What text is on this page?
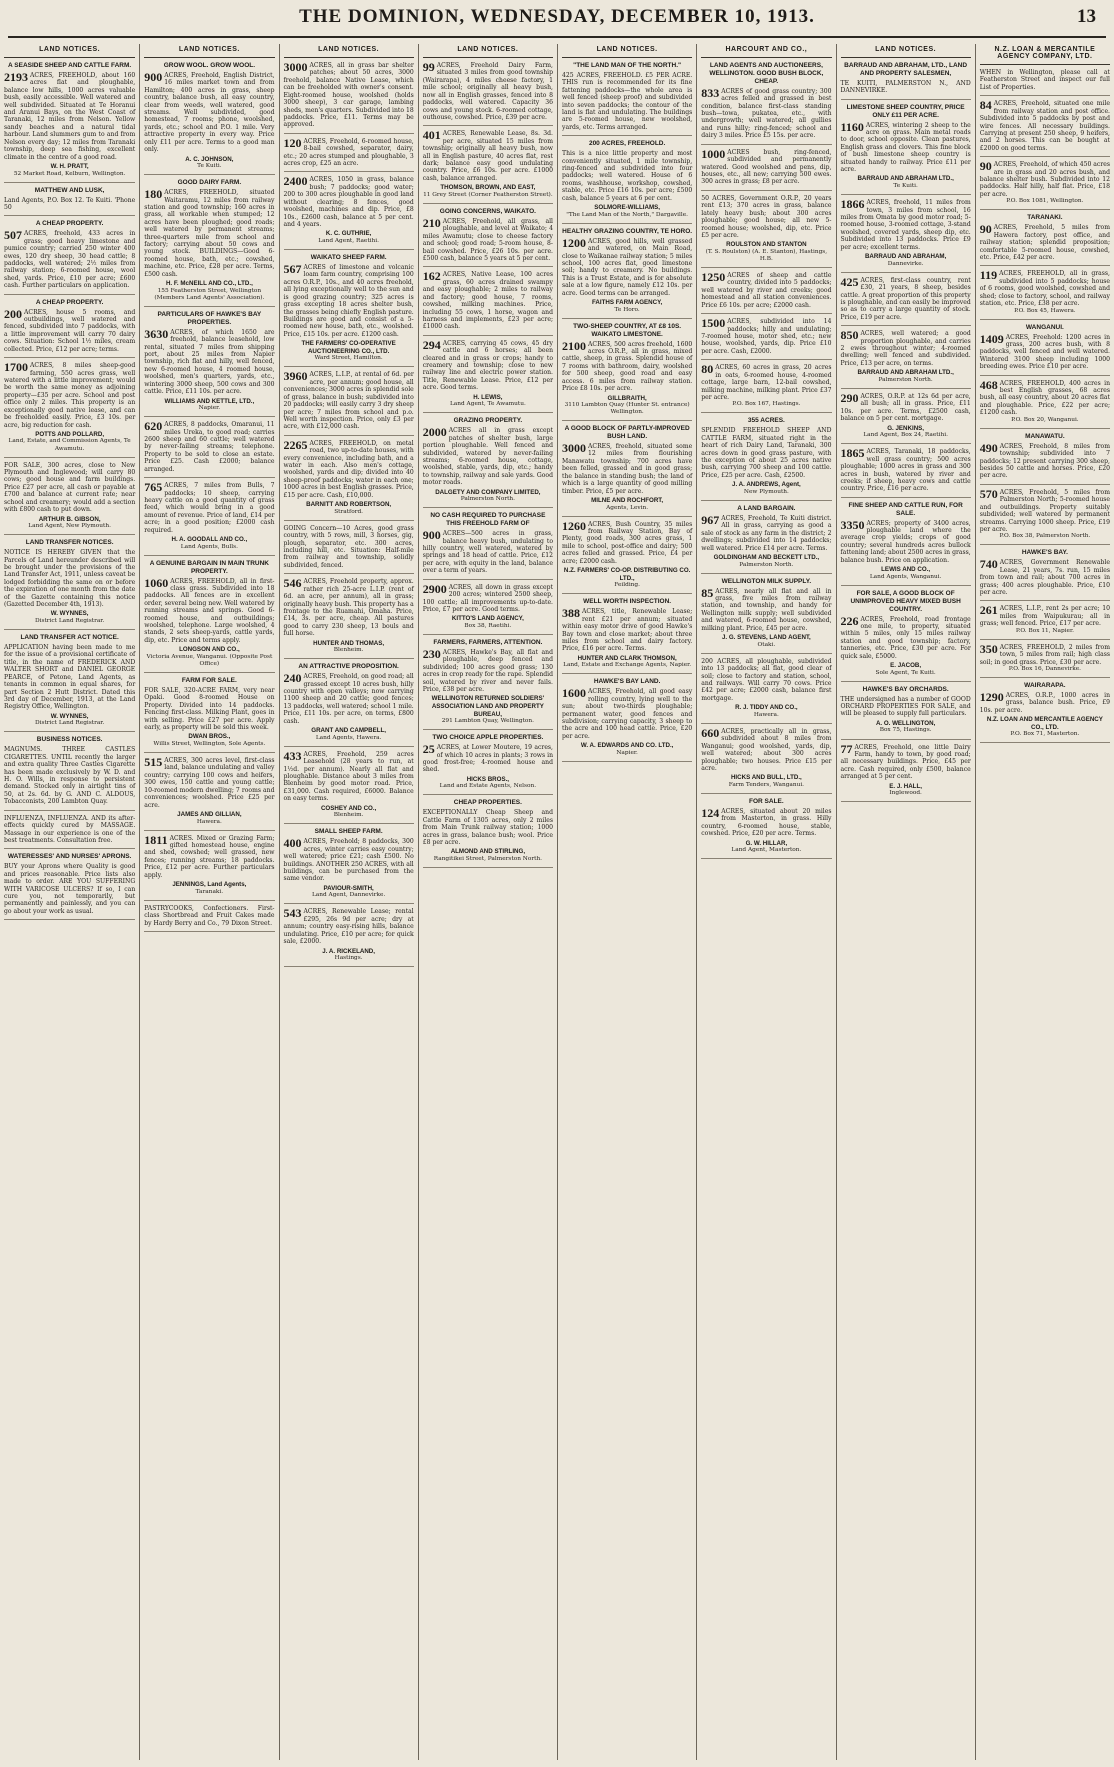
THE DOMINION, WEDNESDAY, DECEMBER 10, 1913.	13
LAND NOTICES.
A SEASIDE SHEEP AND CATTLE FARM.

2193 ACRES, FREEHOLD, about 160 acres flat and ploughable, balance low hills, 1000 acres valuable bush, easily accessible. Well watered and well subdivided. Situated at Te Horanui and Aranui Bays, on the West Coast of Taranaki, 12 miles from Nelson. Yellow sandy beaches and a natural tidal harbour. Land slummers gum to and from Nelson every day; 12 miles from Taranaki township, deep sea fishing, excellent climate in the centre of a good road.

W. H. PRATT,
52 Market Road, Kelburn, Wellington.
MATTHEW AND LUSK,

Land Agents, P.O. Box 12. Te Kuiti. 'Phone 50

A CHEAP PROPERTY.

507 ACRES, freehold, 433 acres in grass; good heavy limestone and pumice country; carried 250 winter 400 ewes, 120 dry sheep, 30 head cattle; 8 paddocks, well watered; 2½ miles from railway station; 6-roomed house, wool shed, yards. Price, £10 per acre; £600 cash. Further particulars on application.

A CHEAP PROPERTY.

200 ACRES, house 5 rooms, and outbuildings, well watered and fenced, subdivided into 7 paddocks, with a little improvement will carry 70 dairy cows. Situation: School 1½ miles, cream collected. Price, £12 per acre; terms.

1700 ACRES, 8 miles sheep-good farming, 550 acres grass, well watered with a little improvement; would be worth the same money as adjoining property—£35 per acre. School and post office only 2 miles. This property is an exceptionally good native lease, and can be freeholded easily. Price, £3 10s. per acre, big reduction for cash.

POTTS AND POLLARD,
Land, Estate, and Commission Agents, Te Awamutu.

FOR SALE, 300 acres, close to New Plymouth and Inglewood; will carry 80 cows; good house and farm buildings. Price £27 per acre, all cash or payable at £700 and balance at current rate; near school and creamery; would add a section with £800 cash to put down.

ARTHUR B. GIBSON,
Land Agent, New Plymouth.
LAND TRANSFER NOTICES.

NOTICE IS HEREBY GIVEN that the Parcels of Land hereunder described will be brought under the provisions of the Land Transfer Act, 1911, unless caveat be lodged forbidding the same on or before the expiration of one month from the date of the Gazette containing this notice (Gazetted December 4th, 1913).

W. WYNNES,
District Land Registrar.
LAND TRANSFER ACT NOTICE.

APPLICATION having been made to me for the issue of a provisional certificate of title, in the name of FREDERICK AND WALTER SHORT and DANIEL GEORGE PEARCE, of Petone, Land Agents, as tenants in common in equal shares, for part Section 2 Hutt District. Dated this 3rd day of December, 1913, at the Land Registry Office, Wellington.

W. WYNNES,
District Land Registrar.
BUSINESS NOTICES.

MAGNUMS. THREE CASTLES CIGARETTES. UNTIL recently the larger and extra quality Three Castles Cigarette has been made exclusively by W. D. and H. O. Wills, in response to persistent demand. Stocked only in airtight tins of 50, at 2s. 6d. by G. AND C. ALDOUS, Tobacconists, 200 Lambton Quay.

INFLUENZA, INFLUENZA. AND its after-effects quickly cured by MASSAGE. Massage in our experience is one of the best treatments. Consultation free.

WATERESSES' AND NURSES' APRONS.

BUY your Aprons where Quality is good and prices reasonable. Price lists also made to order. ARE YOU SUFFERING WITH VARICOSE ULCERS? If so, I can cure you, not temporarily, but permanently and painlessly, and you can go about your work as usual.

LAND NOTICES.
GROW WOOL. GROW WOOL.

900 ACRES, Freehold, English District, 16 miles market town and from Hamilton; 400 acres in grass, sheep country, balance bush, all easy country, clear from weeds, well watered, good streams. Well subdivided, good homestead, 7 rooms; phone, woolshed, yards, etc.; school and P.O. 1 mile. Very attractive property in every way. Price only £11 per acre. Terms to a good man only.

A. C. JOHNSON,
Te Kuiti.
GOOD DAIRY FARM.

180 ACRES, FREEHOLD, situated Waitaramu, 12 miles from railway station and good township; 160 acres in grass, all workable when stumped; 12 acres have been ploughed; good roads; well watered by permanent streams; three-quarters mile from school and factory; carrying about 50 cows and young stock. BUILDINGS—Good 6-roomed house, bath, etc.; cowshed, machine, etc. Price, £28 per acre. Terms, £500 cash.

H. F. McNEILL AND CO., LTD.,
155 Featherston Street, Wellington (Members Land Agents' Association).
PARTICULARS OF HAWKE'S BAY PROPERTIES.

3630 ACRES, of which 1650 are freehold, balance leasehold, low rental, situated 7 miles from shipping port, about 25 miles from Napier township, rich flat and hilly, well fenced, new 6-roomed house, 4 roomed house, woolshed, men's quarters, yards, etc., wintering 3000 sheep, 500 cows and 300 cattle. Price, £11 10s. per acre.

WILLIAMS AND KETTLE, LTD.,
Napier.

620 ACRES, 8 paddocks, Omaranui, 11 miles Ureka, to good road; carries 2600 sheep and 60 cattle; well watered by never-failing streams; telephone. Property to be sold to close an estate. Price £25. Cash £2000; balance arranged.

765 ACRES, 7 miles from Bulls, 7 paddocks; 10 sheep, carrying heavy cattle on a good quantity of grass feed, which would bring in a good amount of revenue. Price of land, £14 per acre; in a good position; £2000 cash required.

H. A. GOODALL AND CO.,
Land Agents, Bulls.
A GENUINE BARGAIN IN MAIN TRUNK PROPERTY.

1060 ACRES, FREEHOLD, all in first-class grass. Subdivided into 18 paddocks. All fences are in excellent order, several being new. Well watered by running streams and springs. Good 6-roomed house, and outbuildings; woolshed, telephone. Large woolshed, 4 stands, 2 sets sheep-yards, cattle yards, dip, etc. Price and terms apply.

LONGSON AND CO.,
Victoria Avenue, Wanganui. (Opposite Post Office)
FARM FOR SALE.

FOR SALE, 320-ACRE FARM, very near Opaki. Good 8-roomed House on Property. Divided into 14 paddocks. Fencing first-class. Milking Plant, goes in with selling. Price £27 per acre. Apply early, as property will be sold this week.

DWAN BROS.,
Willis Street, Wellington, Sole Agents.

515 ACRES, 300 acres level, first-class land, balance undulating and valley country; carrying 100 cows and heifers, 300 ewes, 150 cattle and young cattle; 10-roomed modern dwelling; 7 rooms and conveniences; woolshed. Price £25 per acre.

JAMES AND GILLIAN,
Hawera.

1811 ACRES. Mixed or Grazing Farm; gifted homestead house, engine and shed, cowshed; well grassed, new fences; running streams; 18 paddocks. Price, £12 per acre. Further particulars apply.

JENNINGS, Land Agents,
Taranaki.

PASTRYCOOKS, Confectioners. First-class Shortbread and Fruit Cakes made by Hardy Berry and Co., 79 Dixon Street.

LAND NOTICES.

3000 ACRES, all in grass bar shelter patches; about 50 acres, 3000 freehold, balance Native Lease, which can be freeholded with owner's consent. Eight-roomed house, woolshed (holds 3000 sheep), 3 car garage, lambing sheds, men's quarters. Subdivided into 18 paddocks. Price, £11. Terms may be approved.

120 ACRES, Freehold, 6-roomed house, 8-bail cowshed, separator, dairy, etc.; 20 acres stumped and ploughable, 3 acres crop, £25 an acre.

2400 ACRES, 1050 in grass, balance bush; 7 paddocks; good water; 200 to 300 acres ploughable in good land without clearing; 8 fences, good woolshed, machines and dip. Price, £8 10s., £2600 cash, balance at 5 per cent. and 4 years.

K. C. GUTHRIE,
Land Agent, Raetihi.
WAIKATO SHEEP FARM.

567 ACRES of limestone and volcanic loam farm country, comprising 100 acres O.R.P., 10s., and 40 acres freehold, all lying exceptionally well to the sun and is good grazing country; 325 acres is grass excepting 18 acres shelter bush, the grasses being chiefly English pasture. Buildings are good and consist of a 5-roomed new house, bath, etc., woolshed. Price, £15 10s. per acre. £1200 cash.

THE FARMERS' CO-OPERATIVE AUCTIONEERING CO., LTD.
Ward Street, Hamilton.

3960 ACRES, L.I.P., at rental of 6d. per acre, per annum; good house, all conveniences; 3000 acres in splendid sole of grass, balance in bush; subdivided into 20 paddocks; will easily carry 3 dry sheep per acre; 7 miles from school and p.o. Well worth inspection. Price, only £3 per acre, with £12,000 cash.

2265 ACRES, FREEHOLD, on metal road, two up-to-date houses, with every convenience, including bath, and a water in each. Also men's cottage, woolshed, yards and dip; divided into 40 sheep-proof paddocks; water in each one; 1000 acres in best English grasses. Price, £15 per acre. Cash, £10,000.

BARNITT AND ROBERTSON,
Stratford.

GOING Concern—10 Acres, good grass country, with 5 rows, mill, 3 horses, gig, plough, separator, etc. 300 acres, including hill, etc. Situation: Half-mile from railway and township, solidly subdivided, fenced.

546 ACRES, Freehold property, approx. rather rich 25-acre L.I.P. (rent of 6d. an acre, per annum), all in grass; originally heavy bush. This property has a frontage to the Ruamahi, Omaha. Price, £14, 3s. per acre, cheap. All pastures good to carry 230 sheep, 13 bouls and full horse.

HUNTER AND THOMAS,
Blenheim.
AN ATTRACTIVE PROPOSITION.

240 ACRES, Freehold, on good road; all grassed except 10 acres bush, hilly country with open valleys; now carrying 1100 sheep and 20 cattle; good fences; 13 paddocks, well watered; school 1 mile. Price, £11 10s. per acre, on terms, £800 cash.

GRANT AND CAMPBELL,
Land Agents, Hawera.

433 ACRES, Freehold, 259 acres Leasehold (28 years to run, at 1½d. per annum). Nearly all flat and ploughable. Distance about 3 miles from Blenheim by good motor road. Price, £31,000. Cash required, £6000. Balance on easy terms.

COSHEY AND CO.,
Blenheim.
SMALL SHEEP FARM.

400 ACRES, Freehold; 8 paddocks, 300 acres, winter carries easy country; well watered; price £21; cash £500. No buildings. ANOTHER 250 ACRES, with all buildings, can be purchased from the same vendor.

PAVIOUR-SMITH,
Land Agent, Dannevirke.

543 ACRES, Renewable Lease; rental £295, 26s 9d per acre; dry at annum; country easy-rising hills, balance undulating. Price, £10 per acre; for quick sale, £2000.

J. A. RICKELAND,
Hastings.
LAND NOTICES.

99 ACRES, Freehold Dairy Farm, situated 3 miles from good township (Wairarapa), 4 miles cheese factory, 1 mile school; originally all heavy bush, now all in English grasses, fenced into 8 paddocks, well watered. Capacity 36 cows and young stock. 6-roomed cottage, outhouse, cowshed. Price, £39 per acre.

401 ACRES, Renewable Lease, 8s. 3d. per acre, situated 15 miles from township; originally all heavy bush, now all in English pasture, 40 acres flat, rest dark; balance easy good undulating country. Price, £6 10s. per acre. £1000 cash, balance arranged.

THOMSON, BROWN, AND EAST,
11 Grey Street (Corner Featherston Street).
GOING CONCERNS, WAIKATO.

210 ACRES, Freehold, all grass, all ploughable, and level at Waikato; 4 miles Awamutu; close to cheese factory and school; good road; 5-room house, 8-bail cowshed. Price, £26 10s. per acre. £500 cash, balance 5 years at 5 per cent.

162 ACRES, Native Lease, 100 acres grass, 60 acres drained swampy and easy ploughable; 2 miles to railway and factory; good house, 7 rooms, cowshed, milking machines. Price, including 55 cows, 1 horse, wagon and harness and implements, £23 per acre; £1000 cash.

294 ACRES, carrying 45 cows, 45 dry cattle and 6 horses; all been cleared and in grass or crops; handy to creamery and township; close to new railway line and electric power station. Title, Renewable Lease. Price, £12 per acre. Good terms.

H. LEWIS,
Land Agent, Te Awamutu.
GRAZING PROPERTY.

2000 ACRES all in grass except patches of shelter bush, large portion ploughable. Well fenced and subdivided, watered by never-failing streams; 6-roomed house, cottage, woolshed, stable, yards, dip, etc.; handy to township, railway and sale yards. Good motor roads.

DALGETY AND COMPANY LIMITED,
Palmerston North.
NO CASH REQUIRED TO PURCHASE THIS FREEHOLD FARM OF

900 ACRES—500 acres in grass, balance heavy bush, undulating to hilly country, well watered, watered by springs and 18 head of cattle. Price, £12 per acre, with equity in the land, balance over a term of years.

2900 ACRES, all down in grass except 200 acres; wintered 2500 sheep, 100 cattle; all improvements up-to-date. Price, £7 per acre. Good terms.

KITTO'S LAND AGENCY,
Box 38, Raetihi.
FARMERS, FARMERS, ATTENTION.

230 ACRES, Hawke's Bay, all flat and ploughable, deep fenced and subdivided; 100 acres good grass; 130 acres in crop ready for the rape. Splendid soil, watered by river and never fails. Price, £38 per acre.

WELLINGTON RETURNED SOLDIERS' ASSOCIATION LAND AND PROPERTY BUREAU,
291 Lambton Quay, Wellington.
TWO CHOICE APPLE PROPERTIES.

25 ACRES, at Lower Moutere, 19 acres, of which 10 acres in plants; 3 rows in good frost-free; 4-roomed house and shed.

HICKS BROS.,
Land and Estate Agents, Nelson.
CHEAP PROPERTIES.

EXCEPTIONALLY Cheap Sheep and Cattle Farm of 1305 acres, only 2 miles from Main Trunk railway station; 1000 acres in grass, balance bush; wool. Price £8 per acre.

ALMOND AND STIRLING,
Rangitikei Street, Palmerston North.
LAND NOTICES.
"THE LAND MAN OF THE NORTH."

425 ACRES, FREEHOLD. £5 PER ACRE. THIS run is recommended for its fine fattening paddocks—the whole area is well fenced (sheep proof) and subdivided into seven paddocks; the contour of the land is flat and undulating. The buildings are 5-roomed house, new woolshed, yards, etc. Terms arranged.

200 ACRES, FREEHOLD.

This is a nice little property and most conveniently situated, 1 mile township, ring-fenced and subdivided into four paddocks; well watered. House of 6 rooms, washhouse, workshop, cowshed, stable, etc. Price £16 10s. per acre; £500 cash, balance 5 years at 6 per cent.

SOLMORE-WILLIAMS,
"The Land Man of the North," Dargaville.
HEALTHY GRAZING COUNTRY, TE HORO.

1200 ACRES, good hills, well grassed and watered, on Main Road, close to Waikanae railway station; 5 miles school, 100 acres flat, good limestone soil; handy to creamery. No buildings. This is a Trust Estate, and is for absolute sale at a low figure, namely £12 10s. per acre. Good terms can be arranged.

FAITHS FARM AGENCY,
Te Horo.
TWO-SHEEP COUNTRY, AT £8 10S. WAIKATO LIMESTONE.

2100 ACRES, 500 acres freehold, 1600 acres O.R.P., all in grass, mixed cattle, sheep, in grass. Splendid house of 7 rooms with bathroom, dairy, woolshed for 500 sheep, good road and easy access. 6 miles from railway station. Price £8 10s. per acre.

GILLBRAITH,
3110 Lambton Quay (Hunter St. entrance) Wellington.
A GOOD BLOCK OF PARTLY-IMPROVED BUSH LAND.

3000 ACRES, freehold, situated some 12 miles from flourishing Manawatu township; 700 acres have been felled, grassed and in good grass; the balance in standing bush; the land of which is a large quantity of good milling timber. Price, £5 per acre.

MILNE AND ROCHFORT,
Agents, Levin.

1260 ACRES, Bush Country, 35 miles from Railway Station, Bay of Plenty, good roads, 300 acres grass, 1 mile to school, post-office and dairy; 500 acres felled and grassed. Price, £4 per acre; £2000 cash.

N.Z. FARMERS' CO-OP. DISTRIBUTING CO. LTD.,
Feilding.
WELL WORTH INSPECTION.

388 ACRES, title, Renewable Lease; rent £21 per annum; situated within easy motor drive of good Hawke's Bay town and close market; about three miles from school and dairy factory. Price, £16 per acre. Terms.

HUNTER AND CLARK THOMSON,
Land, Estate and Exchange Agents, Napier.
HAWKE'S BAY LAND.

1600 ACRES, Freehold, all good easy rolling country, lying well to the sun; about two-thirds ploughable; permanent water, good fences and subdivision; carrying capacity, 3 sheep to the acre and 100 head cattle. Price, £20 per acre.

W. A. EDWARDS AND CO. LTD.,
Napier.
HARCOURT AND CO.,
LAND AGENTS AND AUCTIONEERS, WELLINGTON. GOOD BUSH BLOCK, CHEAP.

833 ACRES of good grass country; 300 acres felled and grassed in best condition, balance first-class standing bush—towa, pukatea, etc., with undergrowth; well watered; all gullies and runs hilly; ring-fenced; school and dairy 3 miles. Price £5 15s. per acre.

1000 ACRES bush, ring-fenced, subdivided and permanently watered. Good woolshed and pens, dip, houses, etc., all new; carrying 500 ewes. 300 acres in grass; £8 per acre.

50 ACRES, Government O.R.P., 20 years rent £13; 370 acres in grass, balance lately heavy bush; about 300 acres ploughable; good house; all new 5-roomed house; woolshed, dip, etc. Price £5 per acre.

ROULSTON AND STANTON
(T. S. Roulston) (A. E. Stanton), Hastings, H.B.

1250 ACRES of sheep and cattle country, divided into 5 paddocks; well watered by river and creeks; good homestead and all station conveniences. Price £6 10s. per acre; £2000 cash.

1500 ACRES, subdivided into 14 paddocks; hilly and undulating; 7-roomed house, motor shed, etc.; new house, woolshed, yards, dip. Price £10 per acre. Cash, £2000.

80 ACRES, 60 acres in grass, 20 acres in oats, 6-roomed house, 4-roomed cottage, large barn, 12-bail cowshed, milking machine, milking plant. Price £37 per acre.

P.O. Box 167, Hastings.
355 ACRES.

SPLENDID FREEHOLD SHEEP AND CATTLE FARM, situated right in the heart of rich Dairy Land, Taranaki, 300 acres down in good grass pasture, with the exception of about 25 acres native bush, carrying 700 sheep and 100 cattle. Price, £25 per acre. Cash, £2500.

J. A. ANDREWS, Agent,
New Plymouth.
A LAND BARGAIN.

967 ACRES, Freehold, Te Kuiti district. All in grass, carrying as good a sale of stock as any farm in the district; 2 dwellings; subdivided into 14 paddocks; well watered. Price £14 per acre. Terms.

GOLDINGHAM AND BECKETT LTD.,
Palmerston North.
WELLINGTON MILK SUPPLY.

85 ACRES, nearly all flat and all in grass, five miles from railway station, and township, and handy for Wellington milk supply; well subdivided and watered, 6-roomed house, cowshed, milking plant. Price, £45 per acre.

J. G. STEVENS, LAND AGENT,
Otaki.

200 ACRES, all ploughable, subdivided into 13 paddocks; all flat, good clear of soil; close to factory and station, school, and railways. Will carry 70 cows. Price £42 per acre; £2000 cash, balance first mortgage.

R. J. TIDDY AND CO.,
Hawera.

660 ACRES, practically all in grass, subdivided about 8 miles from Wanganui; good woolshed, yards, dip, well watered; about 300 acres ploughable; two houses. Price £15 per acre.

HICKS AND BULL, LTD.,
Farm Tenders, Wanganui.
FOR SALE.

124 ACRES, situated about 20 miles from Masterton, in grass. Hilly country, 6-roomed house, stable, cowshed. Price, £20 per acre. Terms.

G. W. HILLAR,
Land Agent, Masterton.
LAND NOTICES.
BARRAUD AND ABRAHAM, LTD., LAND AND PROPERTY SALESMEN,

TE KUITI, PALMERSTON N., AND DANNEVIRKE.

LIMESTONE SHEEP COUNTRY, PRICE ONLY £11 PER ACRE.

1160 ACRES, wintering 2 sheep to the acre on grass. Main metal roads to door, school opposite. Clean pastures, English grass and clovers. This fine block of bush limestone sheep country is situated handy to railway. Price £11 per acre.

BARRAUD AND ABRAHAM LTD.,
Te Kuiti.

1866 ACRES, freehold, 11 miles from town, 3 miles from school, 16 miles from Omata by good motor road; 5-roomed house, 3-roomed cottage, 3-stand woolshed, covered yards, sheep dip, etc. Subdivided into 13 paddocks. Price £9 per acre; excellent terms.

BARRAUD AND ABRAHAM,
Dannevirke.

425 ACRES, first-class country, rent £30, 21 years, 8 sheep, besides cattle. A great proportion of this property is ploughable, and can easily be improved so as to carry a large quantity of stock. Price, £19 per acre.

850 ACRES, well watered; a good proportion ploughable, and carries 2 ewes throughout winter; 4-roomed dwelling; well fenced and subdivided. Price, £13 per acre, on terms.

BARRAUD AND ABRAHAM LTD.,
Palmerston North.

290 ACRES, O.R.P. at 12s 6d per acre, all bush; all in grass. Price, £11 10s. per acre. Terms, £2500 cash, balance on 5 per cent. mortgage.

G. JENKINS,
Land Agent, Box 24, Raetihi.

1865 ACRES, Taranaki, 18 paddocks, well grass country; 500 acres ploughable; 1000 acres in grass and 300 acres in bush, watered by river and creeks; if sheep, heavy cows and cattle country. Price, £16 per acre.

FINE SHEEP AND CATTLE RUN, FOR SALE.

3350 ACRES; property of 3400 acres, ploughable land where the average crop yields; crops of good country; several hundreds acres bullock fattening land; about 2500 acres in grass, balance bush. Price on application.

LEWIS AND CO.,
Land Agents, Wanganui.
FOR SALE, A GOOD BLOCK OF UNIMPROVED HEAVY MIXED BUSH COUNTRY.

226 ACRES, Freehold, road frontage one mile, to property, situated within 5 miles, only 15 miles railway station and good township; factory, tanneries, etc. Price, £30 per acre. For quick sale, £5000.

E. JACOB,
Sole Agent, Te Kuiti.
HAWKE'S BAY ORCHARDS.

THE undersigned has a number of GOOD ORCHARD PROPERTIES FOR SALE, and will be pleased to supply full particulars.

A. O. WELLINGTON,
Box 75, Hastings.

77 ACRES, Freehold, one little Dairy Farm, handy to town, by good road; all necessary buildings. Price, £45 per acre. Cash required, only £500, balance arranged at 5 per cent.

E. J. HALL,
Inglewood.
N.Z. LOAN & MERCANTILE AGENCY COMPANY, LTD.

WHEN in Wellington, please call at Featherston Street and inspect our full List of Properties.

84 ACRES, Freehold, situated one mile from railway station and post office. Subdivided into 5 paddocks by post and wire fences. All necessary buildings. Carrying at present 250 sheep, 9 heifers, and 2 horses. This can be bought at £2000 on good terms.

90 ACRES, Freehold, of which 450 acres are in grass and 20 acres bush, and balance shelter bush. Subdivided into 12 paddocks. Half hilly, half flat. Price, £18 per acre.

P.O. Box 1081, Wellington.
TARANAKI.

90 ACRES, Freehold, 5 miles from Hawera factory, post office, and railway station; splendid proposition; comfortable 5-roomed house, cowshed, etc. Price, £42 per acre.

119 ACRES, FREEHOLD, all in grass, subdivided into 5 paddocks; house of 6 rooms, good woolshed, cowshed and shed; close to factory, school, and railway station, etc. Price, £38 per acre.

P.O. Box 45, Hawera.
WANGANUI.

1409 ACRES, Freehold: 1200 acres in grass, 200 acres bush, with 8 paddocks, well fenced and well watered. Wintered 3100 sheep including 1000 breeding ewes. Price £10 per acre.

468 ACRES, FREEHOLD, 400 acres in best English grasses, 68 acres bush, all easy country, about 20 acres flat and ploughable. Price, £22 per acre; £1200 cash.

P.O. Box 20, Wanganui.
MANAWATU.

490 ACRES, Freehold, 8 miles from township; subdivided into 7 paddocks; 12 present carrying 300 sheep, besides 50 cattle and horses. Price, £20 per acre.

570 ACRES, Freehold, 5 miles from Palmerston North; 5-roomed house and outbuildings. Property suitably subdivided; well watered by permanent streams. Carrying 1000 sheep. Price, £19 per acre.

P.O. Box 38, Palmerston North.
HAWKE'S BAY.

740 ACRES, Government Renewable Lease, 21 years, 7s. run, 15 miles from town and rail; about 700 acres in grass; 400 acres ploughable. Price, £10 per acre.

261 ACRES, L.I.P., rent 2s per acre; 10 miles from Waipukurau; all in grass; well fenced. Price, £17 per acre.

P.O. Box 11, Napier.

350 ACRES, FREEHOLD, 2 miles from town, 5 miles from rail; high class soil; in good grass. Price, £30 per acre.

P.O. Box 16, Dannevirke.
WAIRARAPA.

1290 ACRES, O.R.P., 1000 acres in grass, balance bush. Price, £9 10s. per acre.

N.Z. LOAN AND MERCANTILE AGENCY CO., LTD.
P.O. Box 71, Masterton.
